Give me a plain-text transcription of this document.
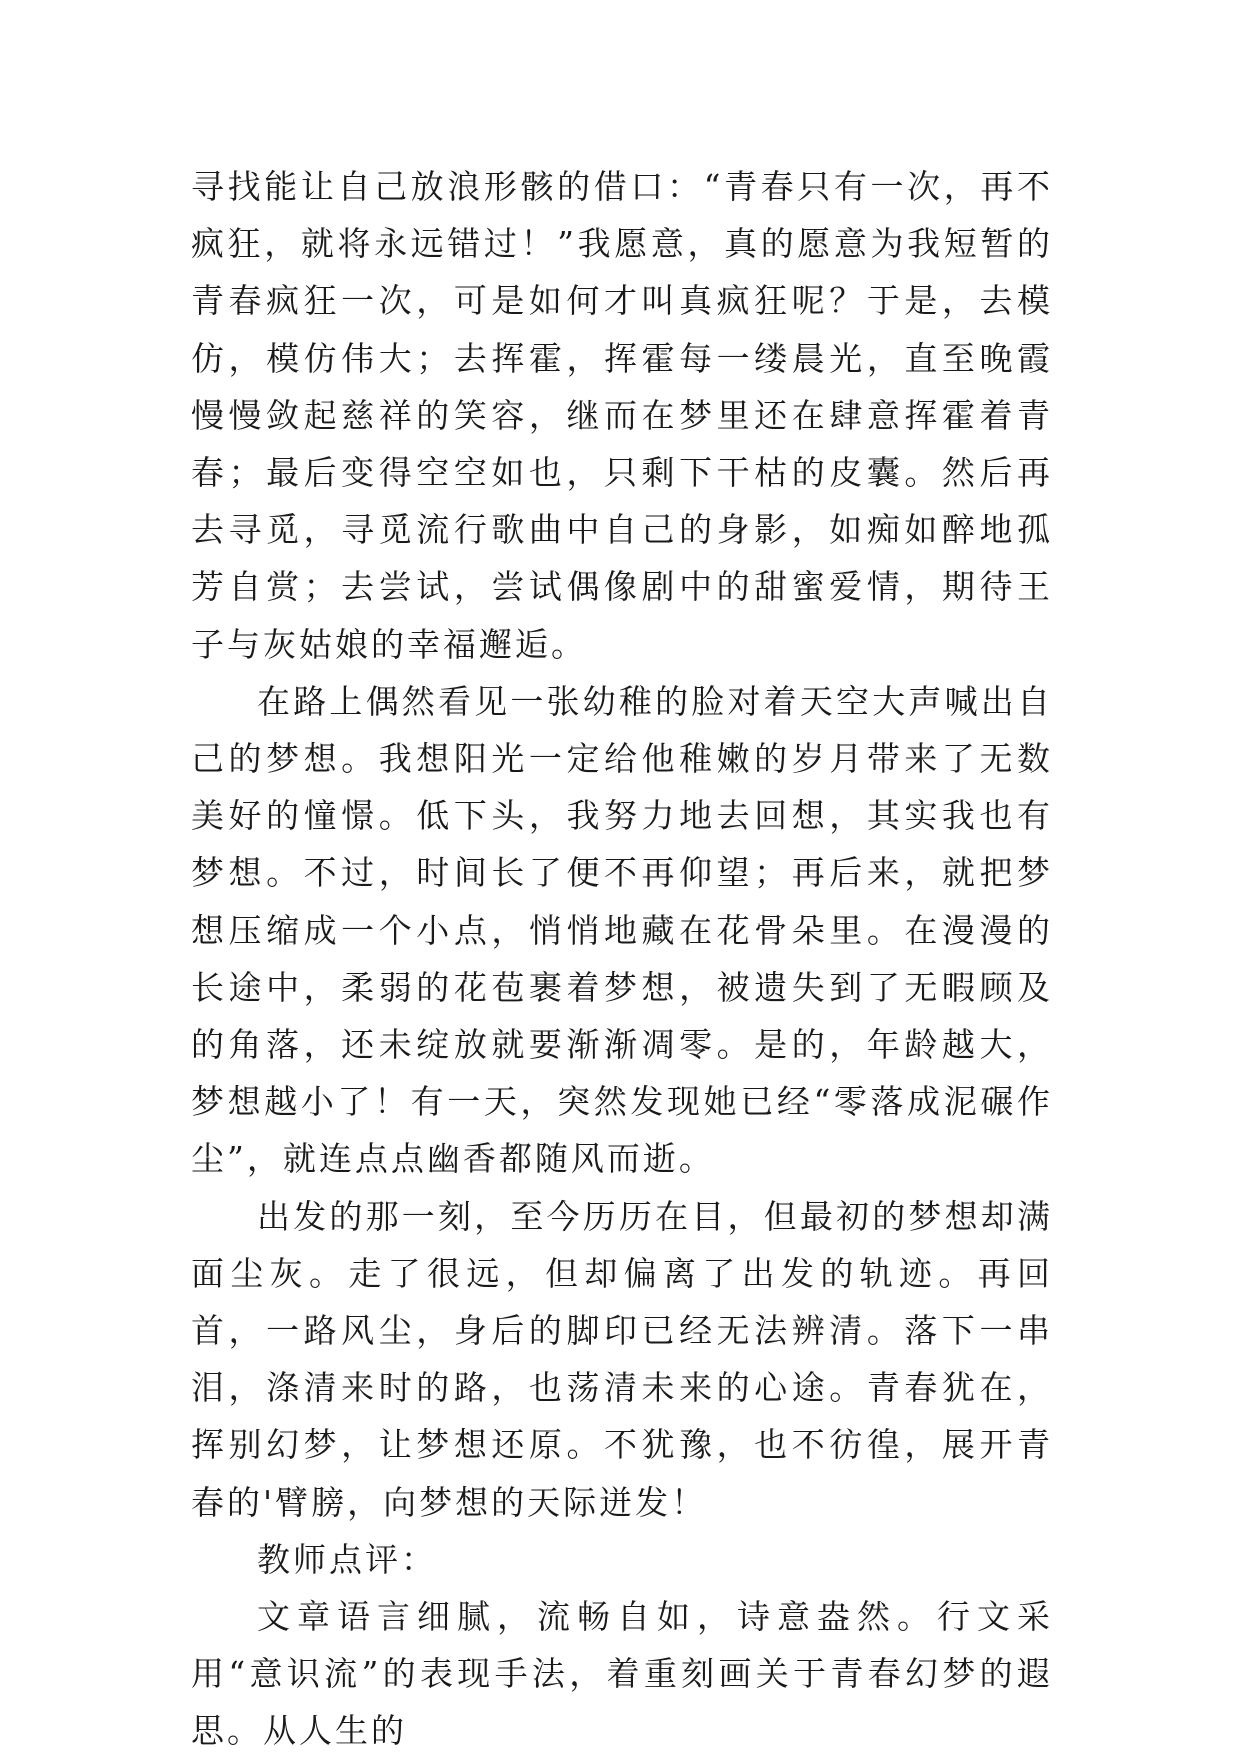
寻找能让自己放浪形骸的借口：“青春只有一次，再不疯狂，就将永远错过！”我愿意，真的愿意为我短暂的青春疯狂一次，可是如何才叫真疯狂呢？于是，去模仿，模仿伟大；去挥霍，挥霍每一缕晨光，直至晚霞慢慢敛起慈祥的笑容，继而在梦里还在肆意挥霍着青春；最后变得空空如也，只剩下干枯的皮囊。然后再去寻觅，寻觅流行歌曲中自己的身影，如痴如醉地孤芳自赏；去尝试，尝试偶像剧中的甜蜜爱情，期待王子与灰姑娘的幸福邂逅。

在路上偶然看见一张幼稚的脸对着天空大声喊出自己的梦想。我想阳光一定给他稚嫩的岁月带来了无数美好的憧憬。低下头，我努力地去回想，其实我也有梦想。不过，时间长了便不再仰望；再后来，就把梦想压缩成一个小点，悄悄地藏在花骨朵里。在漫漫的长途中，柔弱的花苞裹着梦想，被遗失到了无暇顾及的角落，还未绽放就要渐渐凋零。是的，年龄越大，梦想越小了！有一天，突然发现她已经“零落成泥碾作尘”，就连点点幽香都随风而逝。

出发的那一刻，至今历历在目，但最初的梦想却满面尘灰。走了很远，但却偏离了出发的轨迹。再回首，一路风尘，身后的脚印已经无法辨清。落下一串泪，涤清来时的路，也荡清未来的心途。青春犹在，挥别幻梦，让梦想还原。不犹豫，也不彷徨，展开青春的'臂膀，向梦想的天际迸发！

教师点评：

文章语言细腻，流畅自如，诗意盎然。行文采用“意识流”的表现手法，着重刻画关于青春幻梦的遐思。从人生的
